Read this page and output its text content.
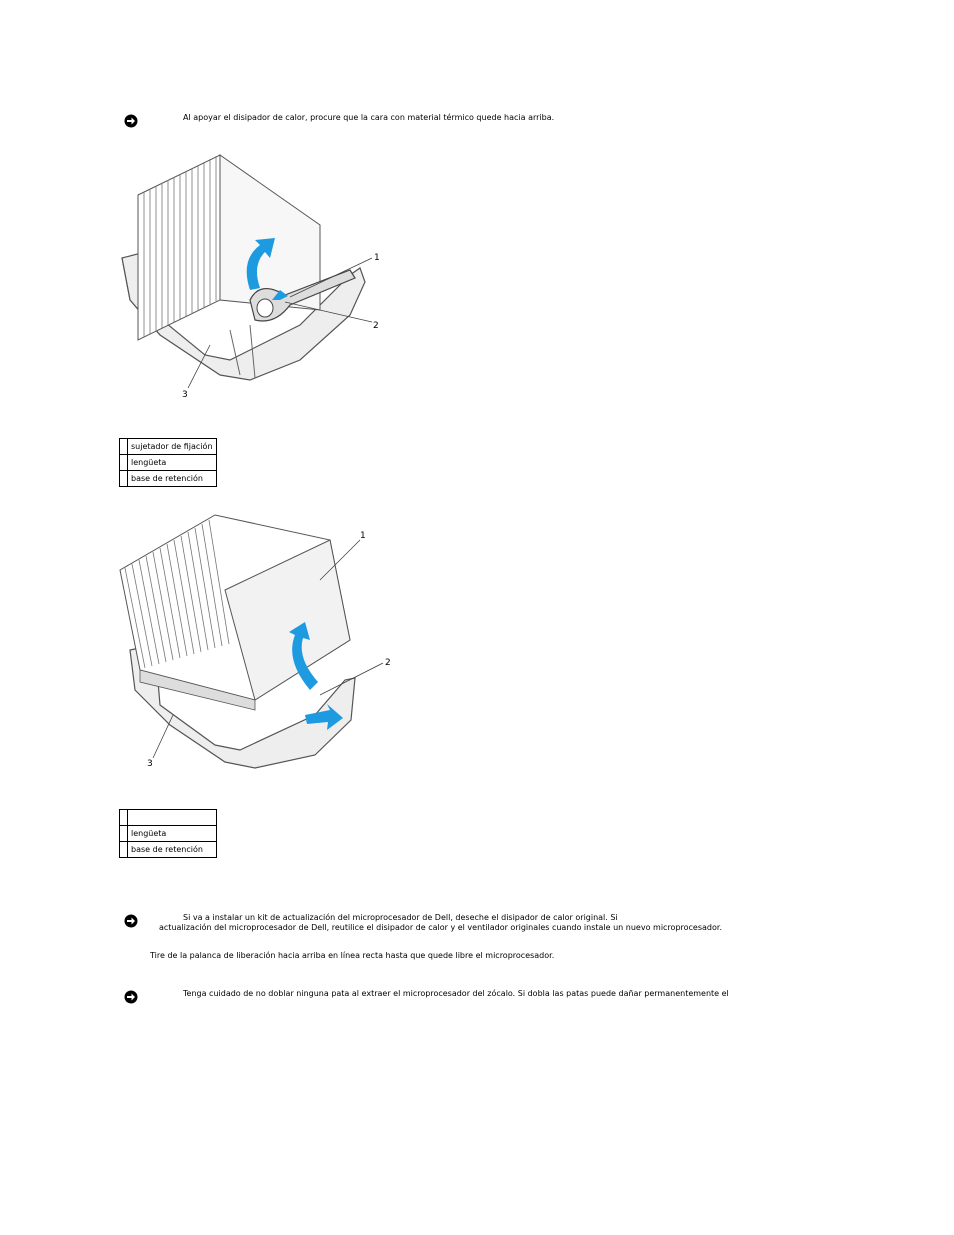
Al apoyar el disipador de calor, procure que la cara con material térmico quede hacia arriba.
1
2
3
	sujetador de fijación
	lengüeta
	base de retención
1
2
3

	lengüeta
	base de retención
Si va a instalar un kit de actualización del microprocesador de Dell, deseche el disipador de calor original. Si
actualización del microprocesador de Dell, reutilice el disipador de calor y el ventilador originales cuando instale un nuevo microprocesador.
Tire de la palanca de liberación hacia arriba en línea recta hasta que quede libre el microprocesador.
Tenga cuidado de no doblar ninguna pata al extraer el microprocesador del zócalo. Si dobla las patas puede dañar permanentemente el
